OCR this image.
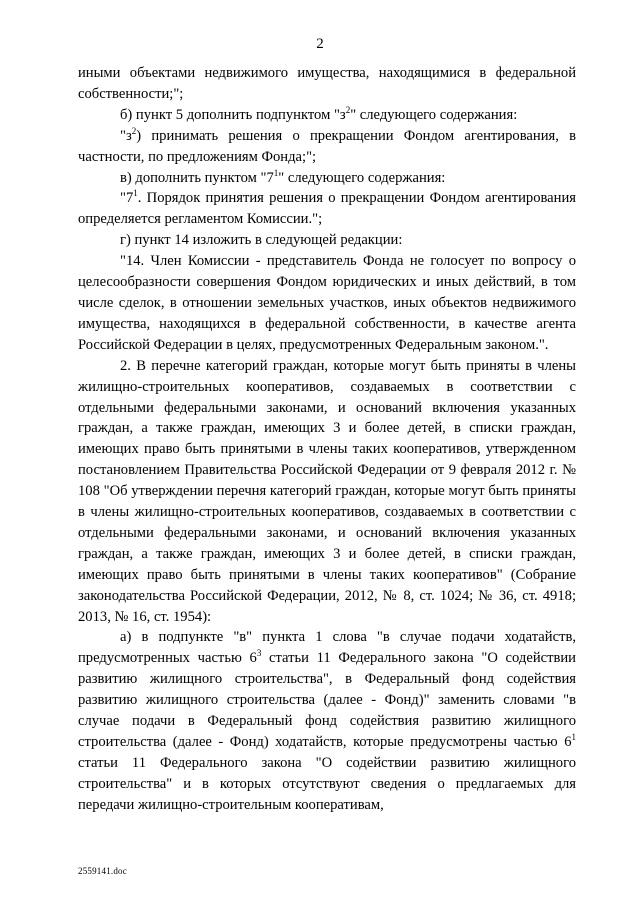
2

иными объектами недвижимого имущества, находящимися в федеральной собственности;";

б) пункт 5 дополнить подпунктом "$з^2$" следующего содержания:

"$з^2$) принимать решения о прекращении Фондом агентирования, в частности, по предложениям Фонда;";

в) дополнить пунктом "$7^1$" следующего содержания:

"$7^1$. Порядок принятия решения о прекращении Фондом агентирования определяется регламентом Комиссии.";

г) пункт 14 изложить в следующей редакции:

"14. Член Комиссии - представитель Фонда не голосует по вопросу о целесообразности совершения Фондом юридических и иных действий, в том числе сделок, в отношении земельных участков, иных объектов недвижимого имущества, находящихся в федеральной собственности, в качестве агента Российской Федерации в целях, предусмотренных Федеральным законом.".

2. В перечне категорий граждан, которые могут быть приняты в члены жилищно-строительных кооперативов, создаваемых в соответствии с отдельными федеральными законами, и оснований включения указанных граждан, а также граждан, имеющих 3 и более детей, в списки граждан, имеющих право быть принятыми в члены таких кооперативов, утвержденном постановлением Правительства Российской Федерации от 9 февраля 2012 г. № 108 "Об утверждении перечня категорий граждан, которые могут быть приняты в члены жилищно-строительных кооперативов, создаваемых в соответствии с отдельными федеральными законами, и оснований включения указанных граждан, а также граждан, имеющих 3 и более детей, в списки граждан, имеющих право быть принятыми в члены таких кооперативов" (Собрание законодательства Российской Федерации, 2012, № 8, ст. 1024; № 36, ст. 4918; 2013, № 16, ст. 1954):

а) в подпункте "в" пункта 1 слова "в случае подачи ходатайств, предусмотренных частью $6^3$ статьи 11 Федерального закона "О содействии развитию жилищного строительства", в Федеральный фонд содействия развитию жилищного строительства (далее - Фонд)" заменить словами "в случае подачи в Федеральный фонд содействия развитию жилищного строительства (далее - Фонд) ходатайств, которые предусмотрены частью $6^1$ статьи 11 Федерального закона "О содействии развитию жилищного строительства" и в которых отсутствуют сведения о предлагаемых для передачи жилищно-строительным кооперативам,

2559141.doc
